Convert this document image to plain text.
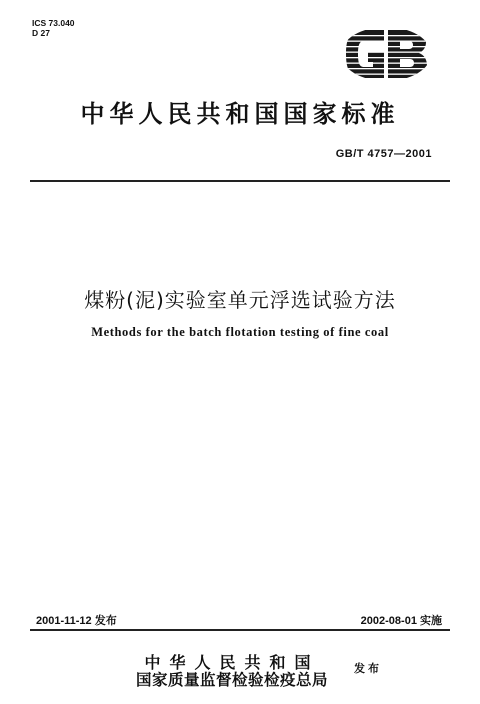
ICS 73.040
D 27
中华人民共和国国家标准
GB/T 4757—2001
煤粉(泥)实验室单元浮选试验方法
Methods for the batch flotation testing of fine coal
2001-11-12 发布	2002-08-01 实施
中华人民共和国
国家质量监督检验检疫总局
发布
